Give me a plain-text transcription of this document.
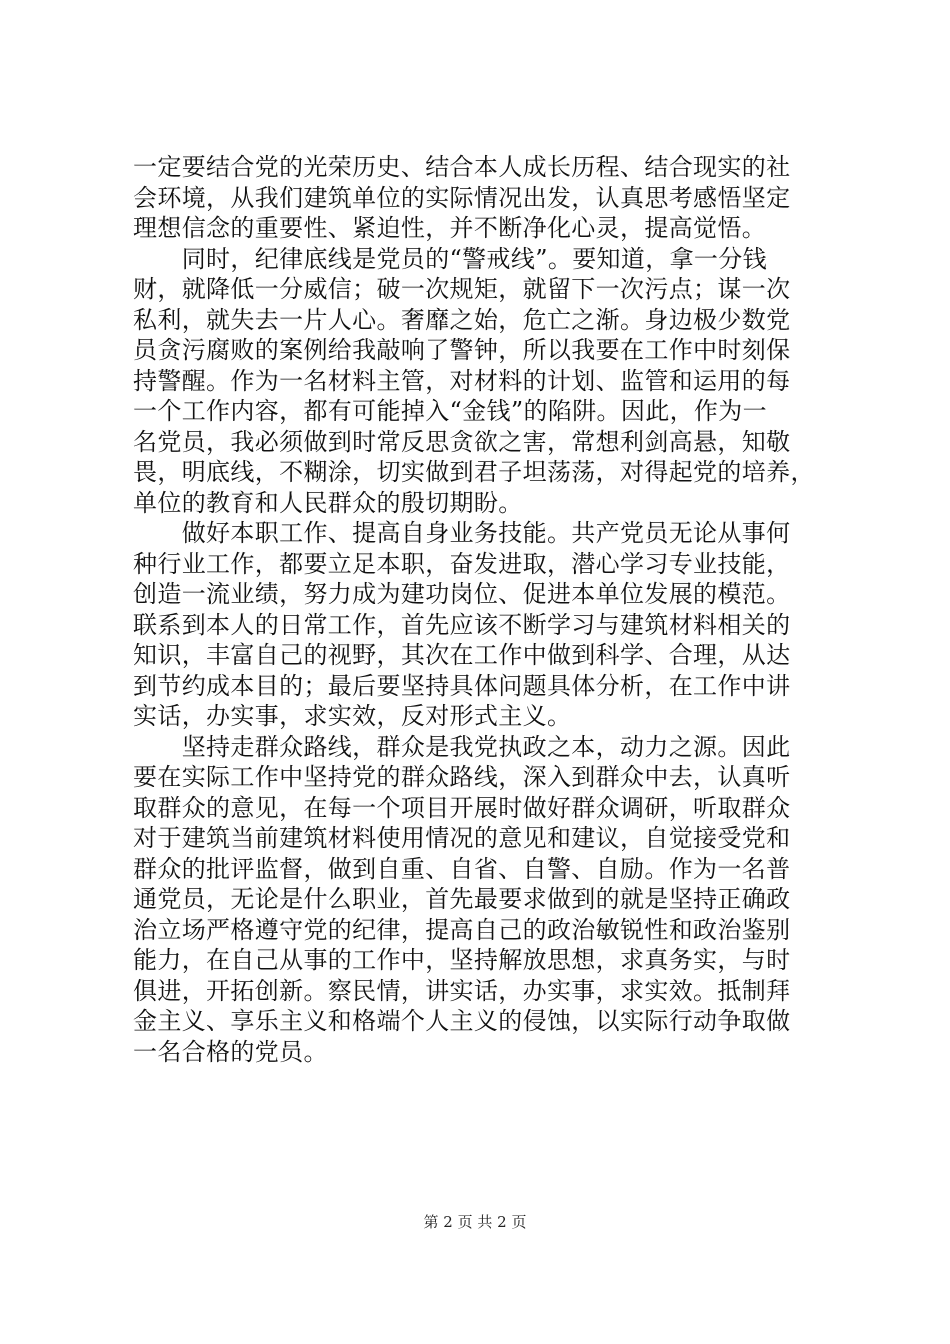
一定要结合党的光荣历史、结合本人成长历程、结合现实的社
会环境，从我们建筑单位的实际情况出发，认真思考感悟坚定
理想信念的重要性、紧迫性，并不断净化心灵，提高觉悟。
　　同时，纪律底线是党员的“警戒线”。要知道，拿一分钱
财，就降低一分威信；破一次规矩，就留下一次污点；谋一次
私利，就失去一片人心。奢靡之始，危亡之渐。身边极少数党
员贪污腐败的案例给我敲响了警钟，所以我要在工作中时刻保
持警醒。作为一名材料主管，对材料的计划、监管和运用的每
一个工作内容，都有可能掉入“金钱”的陷阱。因此，作为一
名党员，我必须做到时常反思贪欲之害，常想利剑高悬，知敬
畏，明底线，不糊涂，切实做到君子坦荡荡，对得起党的培养，
单位的教育和人民群众的殷切期盼。
　　做好本职工作、提高自身业务技能。共产党员无论从事何
种行业工作，都要立足本职，奋发进取，潜心学习专业技能，
创造一流业绩，努力成为建功岗位、促进本单位发展的模范。
联系到本人的日常工作，首先应该不断学习与建筑材料相关的
知识，丰富自己的视野，其次在工作中做到科学、合理，从达
到节约成本目的；最后要坚持具体问题具体分析，在工作中讲
实话，办实事，求实效，反对形式主义。
　　坚持走群众路线，群众是我党执政之本，动力之源。因此
要在实际工作中坚持党的群众路线，深入到群众中去，认真听
取群众的意见，在每一个项目开展时做好群众调研，听取群众
对于建筑当前建筑材料使用情况的意见和建议，自觉接受党和
群众的批评监督，做到自重、自省、自警、自励。作为一名普
通党员，无论是什么职业，首先最要求做到的就是坚持正确政
治立场严格遵守党的纪律，提高自己的政治敏锐性和政治鉴别
能力，在自己从事的工作中，坚持解放思想，求真务实，与时
俱进，开拓创新。察民情，讲实话，办实事，求实效。抵制拜
金主义、享乐主义和格端个人主义的侵蚀，以实际行动争取做
一名合格的党员。
第 2 页 共 2 页
